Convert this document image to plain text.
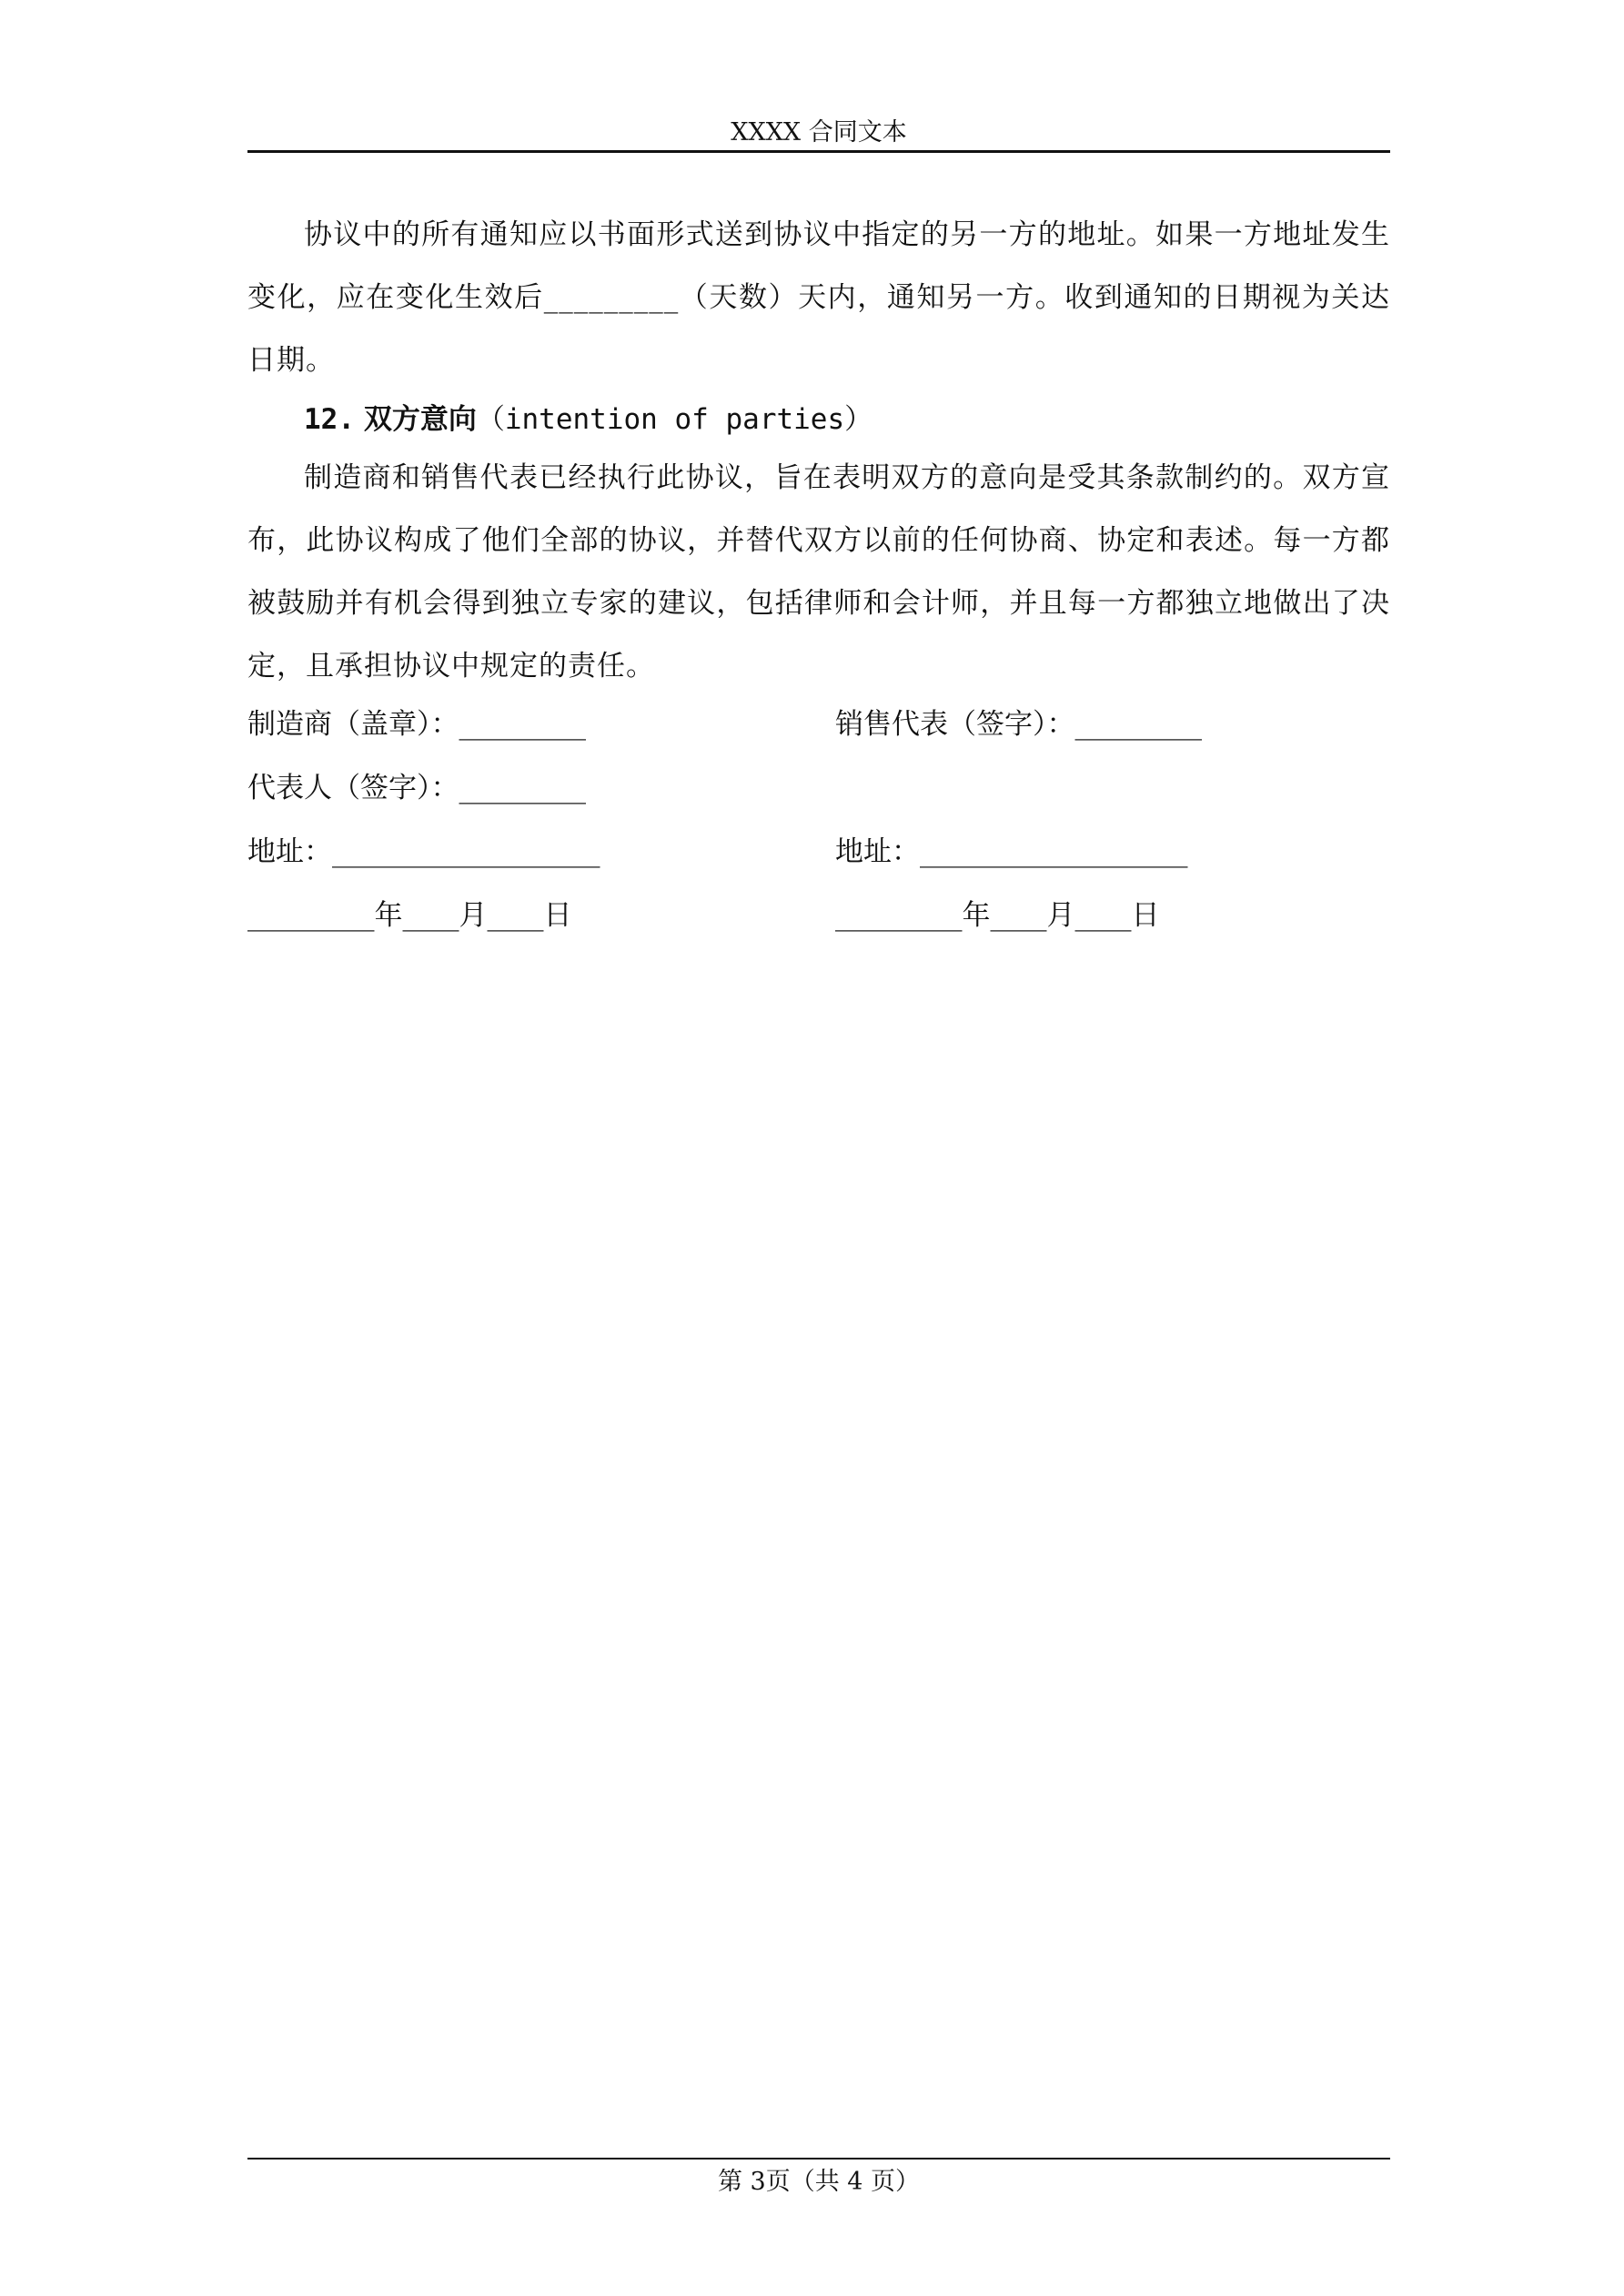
XXXX 合同文本

协议中的所有通知应以书面形式送到协议中指定的另一方的地址。如果一方地址发生变化，应在变化生效后_________（天数）天内，通知另一方。收到通知的日期视为关达日期。

12. 双方意向（intention of parties）

制造商和销售代表已经执行此协议，旨在表明双方的意向是受其条款制约的。双方宣布，此协议构成了他们全部的协议，并替代双方以前的任何协商、协定和表述。每一方都被鼓励并有机会得到独立专家的建议，包括律师和会计师，并且每一方都独立地做出了决定，且承担协议中规定的责任。

制造商（盖章）：_________	销售代表（签字）：_________
代表人（签字）：_________
地址：___________________	地址：___________________
_________年____月____日	_________年____月____日
第 3页（共 4 页）
